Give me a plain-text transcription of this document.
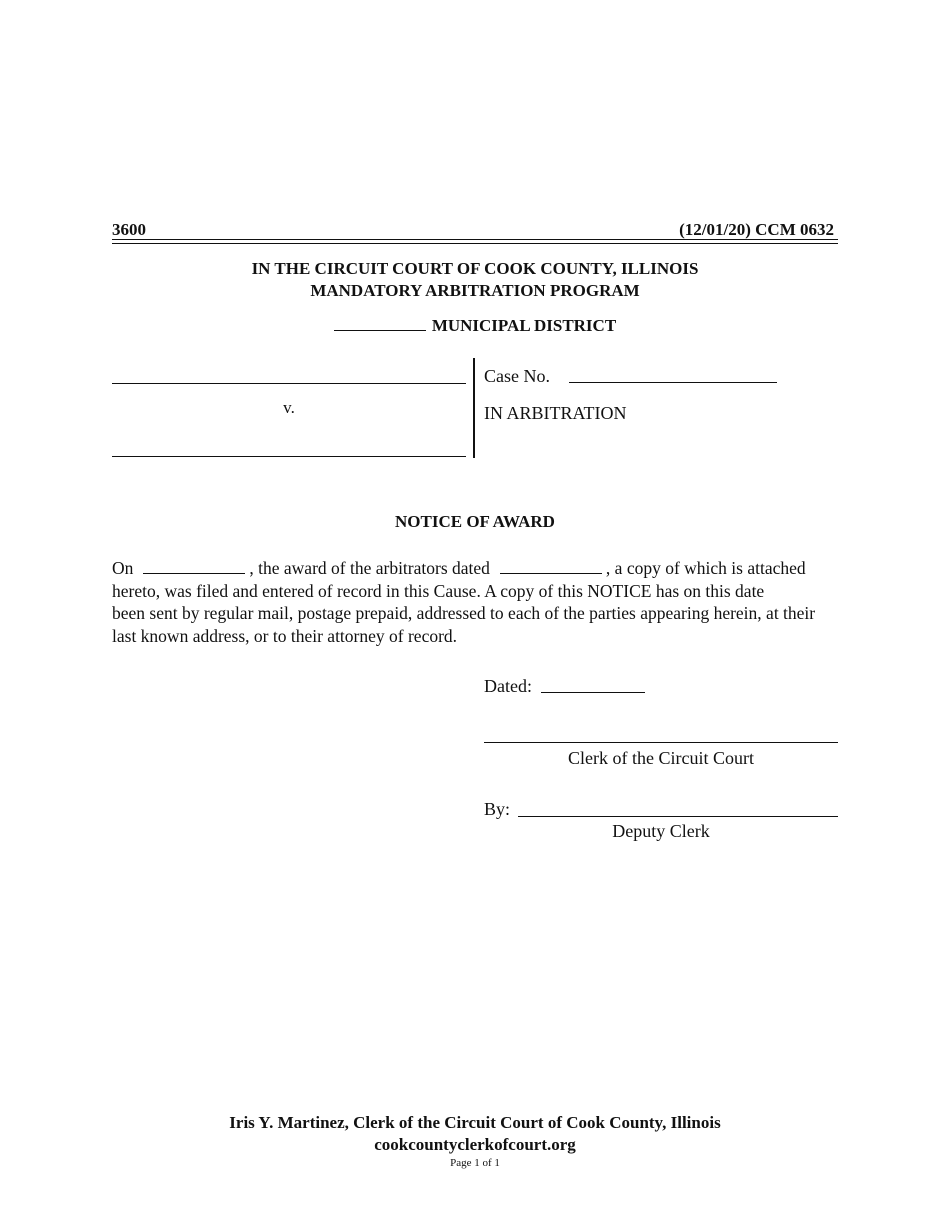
3600	(12/01/20) CCM 0632
IN THE CIRCUIT COURT OF COOK COUNTY, ILLINOIS
MANDATORY ARBITRATION PROGRAM
MUNICIPAL DISTRICT
v.
Case No.
IN ARBITRATION
NOTICE OF AWARD
On	, the award of the arbitrators dated	, a copy of which is attached
hereto, was filed and entered of record in this Cause. A copy of this NOTICE has on this date
been sent by regular mail, postage prepaid, addressed to each of the parties appearing herein, at their
last known address, or to their attorney of record.
Dated:
Clerk of the Circuit Court
By:
Deputy Clerk
Iris Y. Martinez, Clerk of the Circuit Court of Cook County, Illinois
cookcountyclerkofcourt.org
Page 1 of 1
